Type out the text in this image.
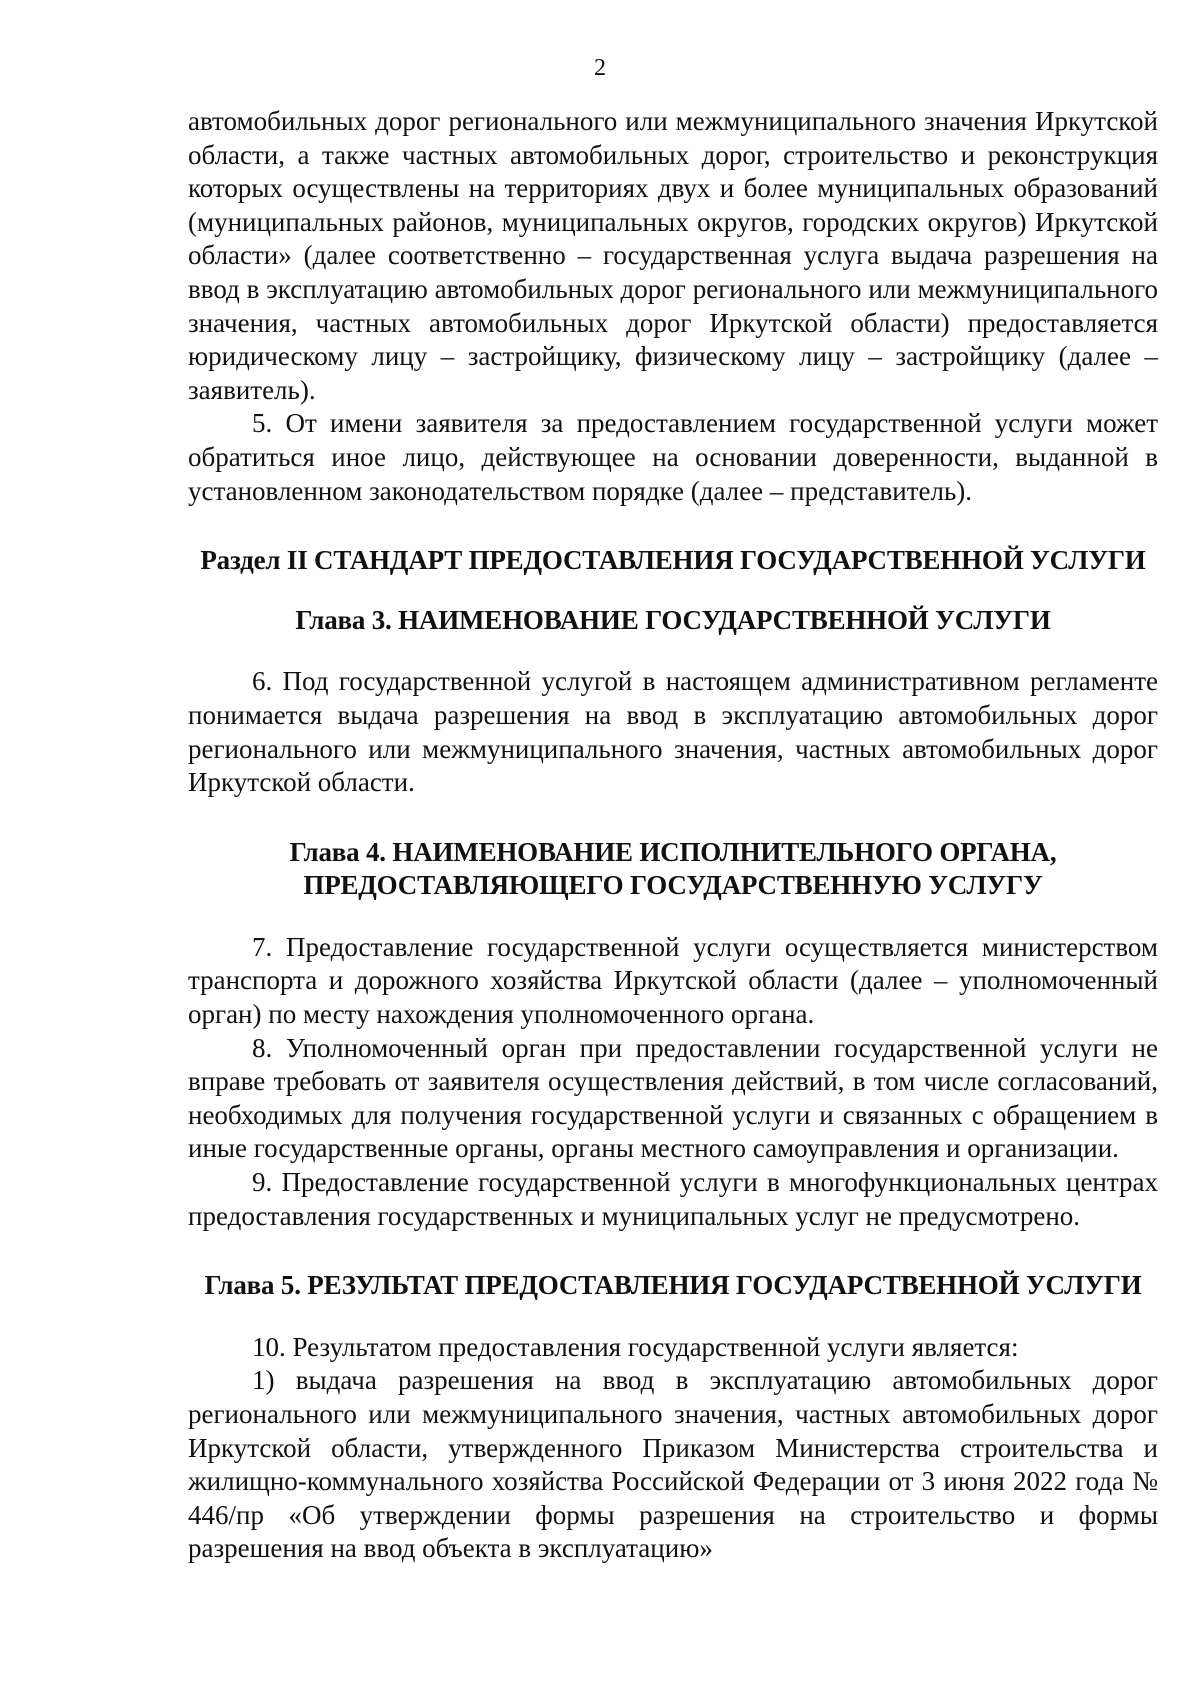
2

автомобильных дорог регионального или межмуниципального значения Иркутской области, а также частных автомобильных дорог, строительство и реконструкция которых осуществлены на территориях двух и более муниципальных образований (муниципальных районов, муниципальных округов, городских округов) Иркутской области» (далее соответственно – государственная услуга выдача разрешения на ввод в эксплуатацию автомобильных дорог регионального или межмуниципального значения, частных автомобильных дорог Иркутской области) предоставляется юридическому лицу – застройщику, физическому лицу – застройщику (далее – заявитель).

5. От имени заявителя за предоставлением государственной услуги может обратиться иное лицо, действующее на основании доверенности, выданной в установленном законодательством порядке (далее – представитель).

Раздел II СТАНДАРТ ПРЕДОСТАВЛЕНИЯ ГОСУДАРСТВЕННОЙ УСЛУГИ
Глава 3. НАИМЕНОВАНИЕ ГОСУДАРСТВЕННОЙ УСЛУГИ

6. Под государственной услугой в настоящем административном регламенте понимается выдача разрешения на ввод в эксплуатацию автомобильных дорог регионального или межмуниципального значения, частных автомобильных дорог Иркутской области.

Глава 4. НАИМЕНОВАНИЕ ИСПОЛНИТЕЛЬНОГО ОРГАНА,
ПРЕДОСТАВЛЯЮЩЕГО ГОСУДАРСТВЕННУЮ УСЛУГУ

7. Предоставление государственной услуги осуществляется министерством транспорта и дорожного хозяйства Иркутской области (далее – уполномоченный орган) по месту нахождения уполномоченного органа.

8. Уполномоченный орган при предоставлении государственной услуги не вправе требовать от заявителя осуществления действий, в том числе согласований, необходимых для получения государственной услуги и связанных с обращением в иные государственные органы, органы местного самоуправления и организации.

9. Предоставление государственной услуги в многофункциональных центрах предоставления государственных и муниципальных услуг не предусмотрено.

Глава 5. РЕЗУЛЬТАТ ПРЕДОСТАВЛЕНИЯ ГОСУДАРСТВЕННОЙ УСЛУГИ

10. Результатом предоставления государственной услуги является:

1) выдача разрешения на ввод в эксплуатацию автомобильных дорог регионального или межмуниципального значения, частных автомобильных дорог Иркутской области, утвержденного Приказом Министерства строительства и жилищно-коммунального хозяйства Российской Федерации от 3 июня 2022 года № 446/пр «Об утверждении формы разрешения на строительство и формы разрешения на ввод объекта в эксплуатацию»
